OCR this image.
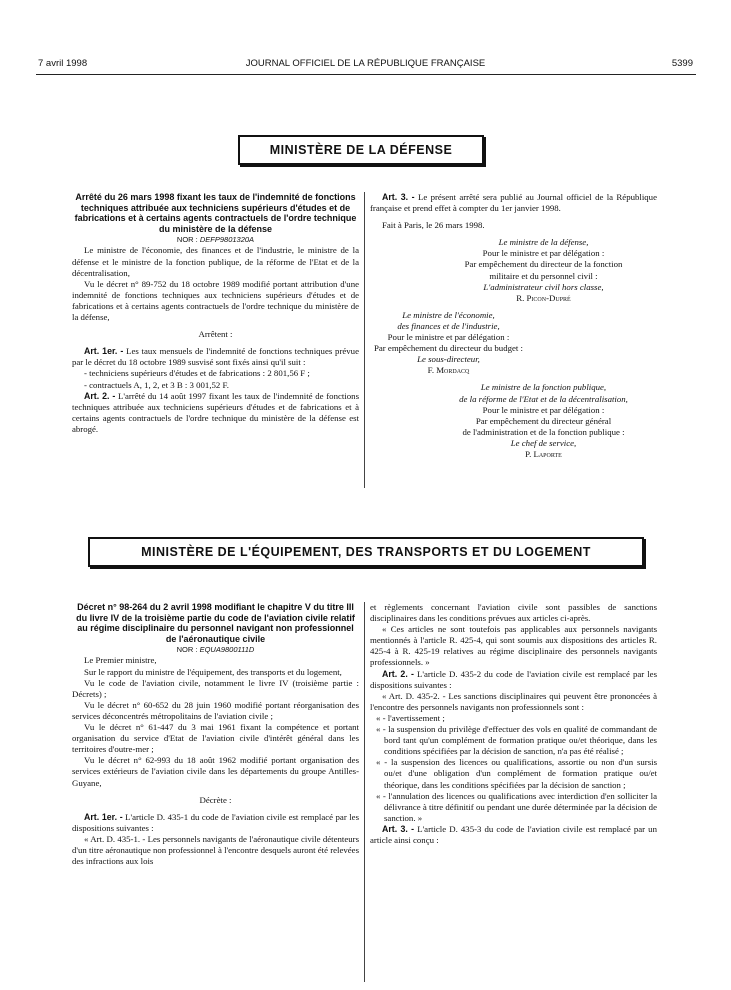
7 avril 1998	JOURNAL OFFICIEL DE LA RÉPUBLIQUE FRANÇAISE	5399
MINISTÈRE DE LA DÉFENSE

Arrêté du 26 mars 1998 fixant les taux de l'indemnité de fonctions techniques attribuée aux techniciens supérieurs d'études et de fabrications et à certains agents contractuels de l'ordre technique du ministère de la défense

NOR : DEFP9801320A

Le ministre de l'économie, des finances et de l'industrie, le ministre de la défense et le ministre de la fonction publique, de la réforme de l'Etat et de la décentralisation,

Vu le décret n° 89-752 du 18 octobre 1989 modifié portant attribution d'une indemnité de fonctions techniques aux techniciens supérieurs d'études et de fabrications et à certains agents contractuels de l'ordre technique du ministère de la défense,

Arrêtent :

Art. 1er. - Les taux mensuels de l'indemnité de fonctions techniques prévue par le décret du 18 octobre 1989 susvisé sont fixés ainsi qu'il suit :

- techniciens supérieurs d'études et de fabrications : 2 801,56 F ;

- contractuels A, 1, 2, et 3 B : 3 001,52 F.

Art. 2. - L'arrêté du 14 août 1997 fixant les taux de l'indemnité de fonctions techniques attribuée aux techniciens supérieurs d'études et de fabrications et à certains agents contractuels de l'ordre technique du ministère de la défense est abrogé.

Art. 3. - Le présent arrêté sera publié au Journal officiel de la République française et prend effet à compter du 1er janvier 1998.

Fait à Paris, le 26 mars 1998.

Le ministre de la défense,

Pour le ministre et par délégation :

Par empêchement du directeur de la fonction

militaire et du personnel civil :

L'administrateur civil hors classe,

R. Picon-Dupré

Le ministre de l'économie,

des finances et de l'industrie,

Pour le ministre et par délégation :

Par empêchement du directeur du budget :

Le sous-directeur,

F. Mordacq

Le ministre de la fonction publique,

de la réforme de l'Etat et de la décentralisation,

Pour le ministre et par délégation :

Par empêchement du directeur général

de l'administration et de la fonction publique :

Le chef de service,

P. Laporte

MINISTÈRE DE L'ÉQUIPEMENT, DES TRANSPORTS ET DU LOGEMENT

Décret n° 98-264 du 2 avril 1998 modifiant le chapitre V du titre III du livre IV de la troisième partie du code de l'aviation civile relatif au régime disciplinaire du personnel navigant non professionnel de l'aéronautique civile

NOR : EQUA9800111D

Le Premier ministre,

Sur le rapport du ministre de l'équipement, des transports et du logement,

Vu le code de l'aviation civile, notamment le livre IV (troisième partie : Décrets) ;

Vu le décret n° 60-652 du 28 juin 1960 modifié portant réorganisation des services déconcentrés métropolitains de l'aviation civile ;

Vu le décret n° 61-447 du 3 mai 1961 fixant la compétence et portant organisation du service d'Etat de l'aviation civile d'intérêt général dans les territoires d'outre-mer ;

Vu le décret n° 62-993 du 18 août 1962 modifié portant organisation des services extérieurs de l'aviation civile dans les départements du groupe Antilles-Guyane,

Décrète :

Art. 1er. - L'article D. 435-1 du code de l'aviation civile est remplacé par les dispositions suivantes :

« Art. D. 435-1. - Les personnels navigants de l'aéronautique civile détenteurs d'un titre aéronautique non professionnel à l'encontre desquels auront été relevées des infractions aux lois

et règlements concernant l'aviation civile sont passibles de sanctions disciplinaires dans les conditions prévues aux articles ci-après.

« Ces articles ne sont toutefois pas applicables aux personnels navigants mentionnés à l'article R. 425-4, qui sont soumis aux dispositions des articles R. 425-4 à R. 425-19 relatives au régime disciplinaire des personnels navigants professionnels. »

Art. 2. - L'article D. 435-2 du code de l'aviation civile est remplacé par les dispositions suivantes :

« Art. D. 435-2. - Les sanctions disciplinaires qui peuvent être prononcées à l'encontre des personnels navigants non professionnels sont :

« - l'avertissement ;

« - la suspension du privilège d'effectuer des vols en qualité de commandant de bord tant qu'un complément de formation pratique ou/et théorique, dans les conditions spécifiées par la décision de sanction, n'a pas été réalisé ;

« - la suspension des licences ou qualifications, assortie ou non d'un sursis ou/et d'une obligation d'un complément de formation pratique ou/et théorique, dans les conditions spécifiées par la décision de sanction ;

« - l'annulation des licences ou qualifications avec interdiction d'en solliciter la délivrance à titre définitif ou pendant une durée déterminée par la décision de sanction. »

Art. 3. - L'article D. 435-3 du code de l'aviation civile est remplacé par un article ainsi conçu :
